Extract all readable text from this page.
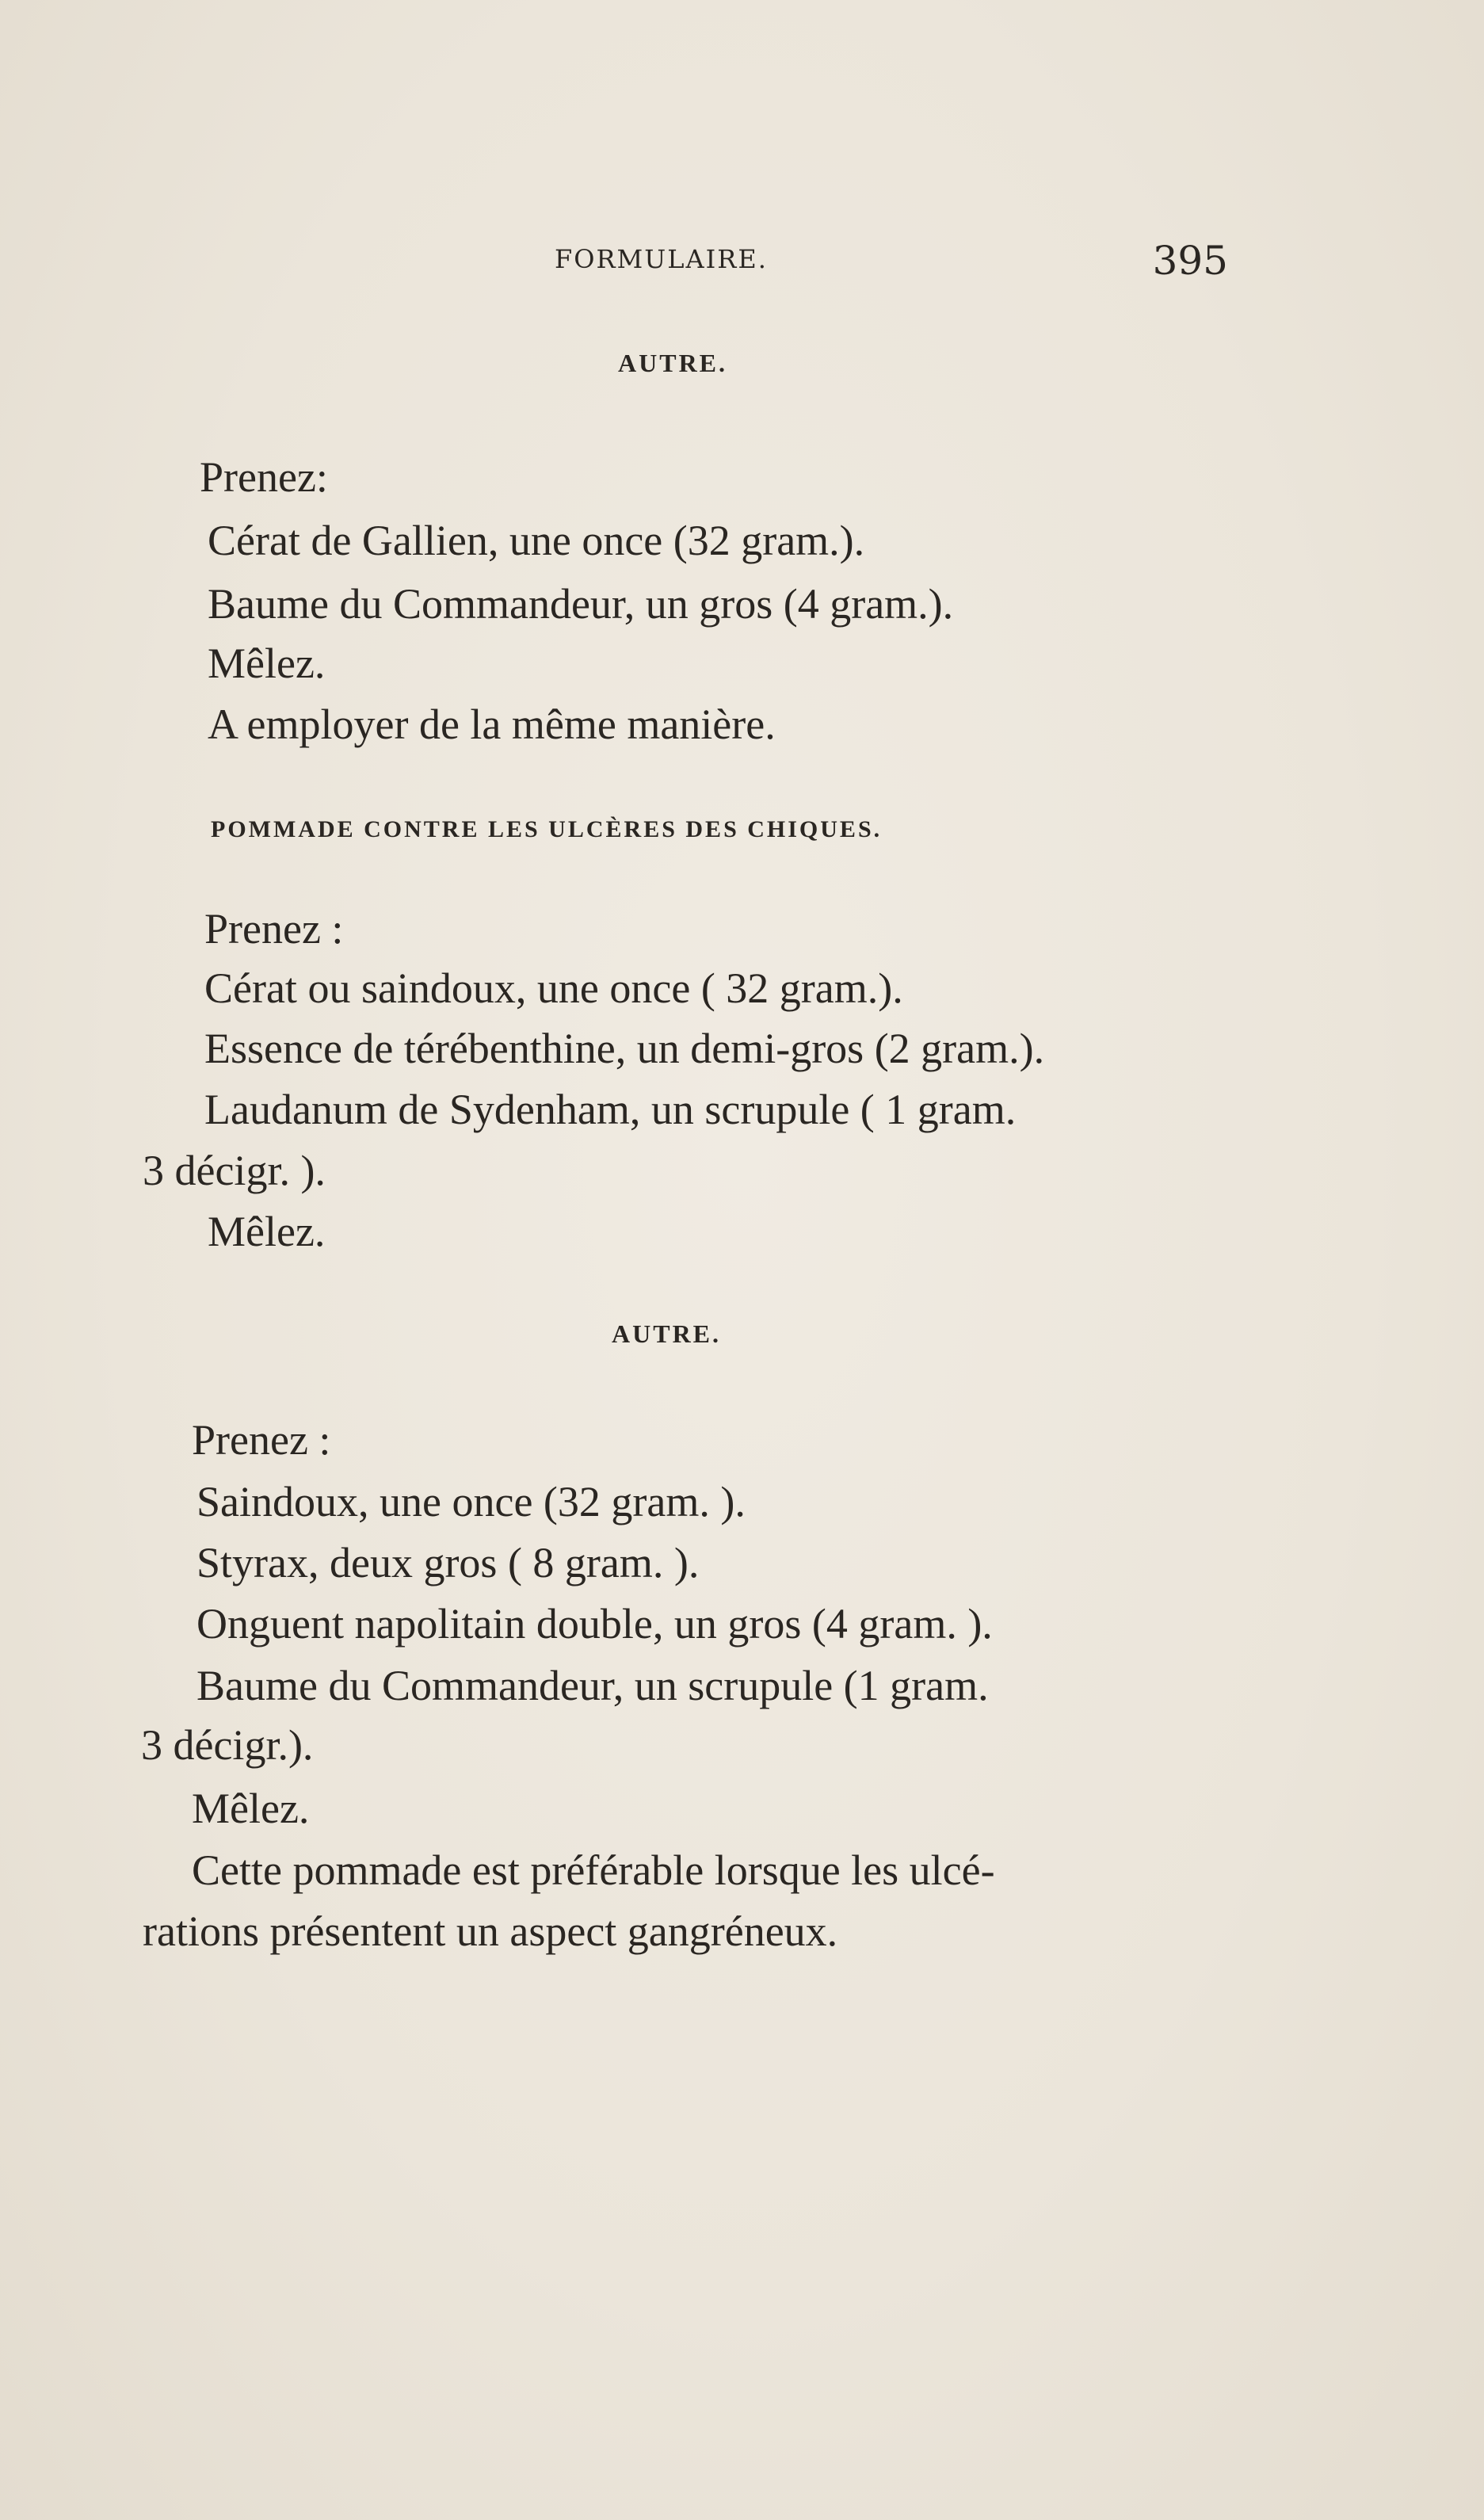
FORMULAIRE.	395
AUTRE.
Prenez:
Cérat de Gallien, une once (32 gram.).
Baume du Commandeur, un gros (4 gram.).
Mêlez.
A employer de la même manière.
POMMADE CONTRE LES ULCÈRES DES CHIQUES.
Prenez :
Cérat ou saindoux, une once ( 32 gram.).
Essence de térébenthine, un demi-gros (2 gram.).
Laudanum de Sydenham, un scrupule ( 1 gram.
3 décigr. ).
Mêlez.
AUTRE.
Prenez :
Saindoux, une once (32 gram. ).
Styrax, deux gros ( 8 gram. ).
Onguent napolitain double, un gros (4 gram. ).
Baume du Commandeur, un scrupule (1 gram.
3 décigr.).
Mêlez.
Cette pommade est préférable lorsque les ulcé-
rations présentent un aspect gangréneux.
